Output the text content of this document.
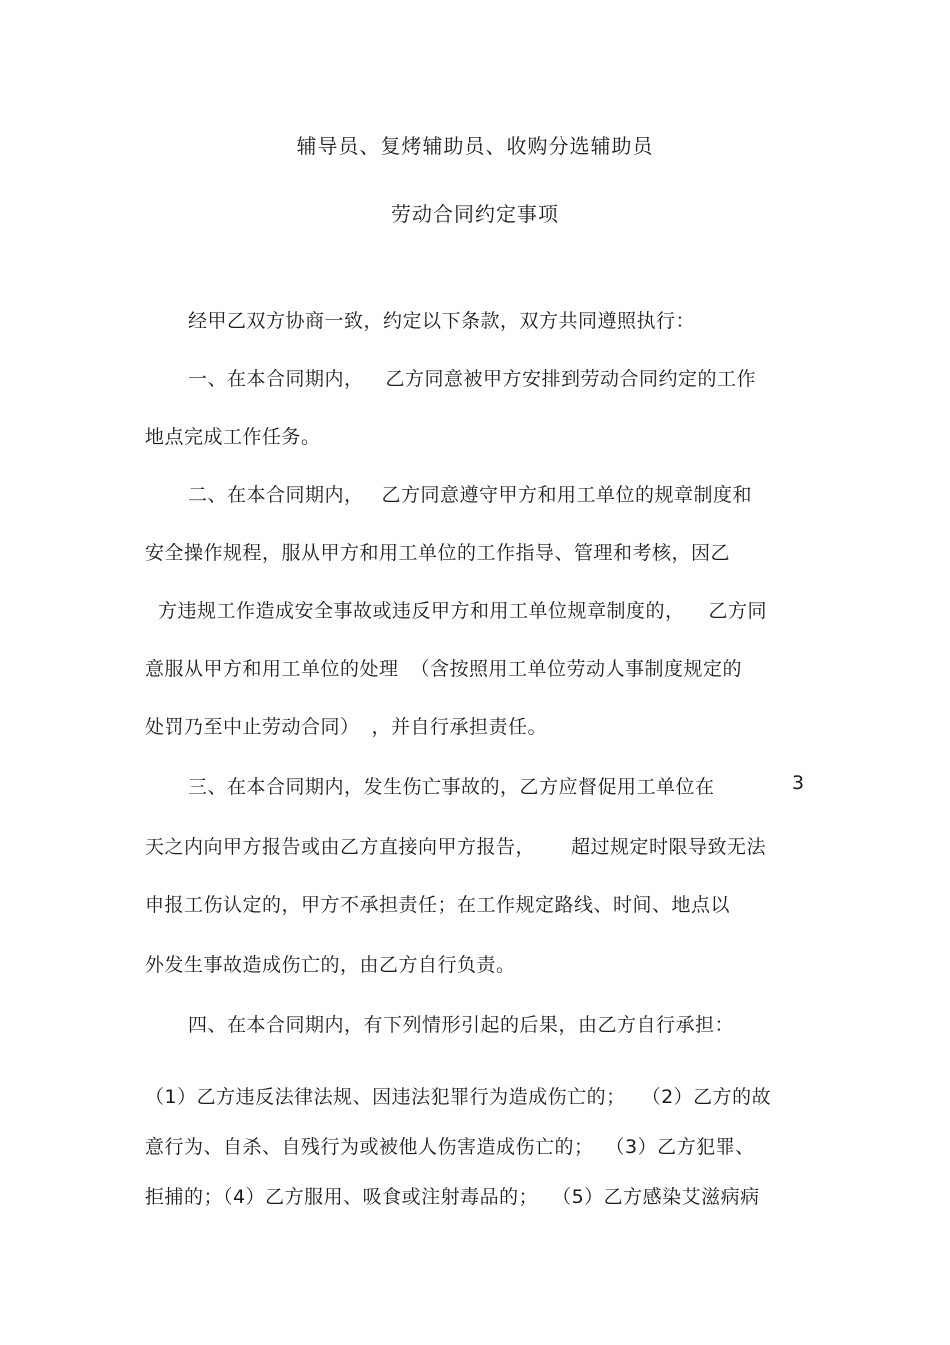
辅导员、复烤辅助员、收购分选辅助员
劳动合同约定事项
经甲乙双方协商一致，约定以下条款，双方共同遵照执行：
一、在本合同期内， 乙方同意被甲方安排到劳动合同约定的工作
地点完成工作任务。
二、在本合同期内， 乙方同意遵守甲方和用工单位的规章制度和
安全操作规程，服从甲方和用工单位的工作指导、管理和考核，因乙
方违规工作造成安全事故或违反甲方和用工单位规章制度的， 乙方同
意服从甲方和用工单位的处理 （含按照用工单位劳动人事制度规定的
处罚乃至中止劳动合同） ，并自行承担责任。
三、在本合同期内，发生伤亡事故的，乙方应督促用工单位在	3
天之内向甲方报告或由乙方直接向甲方报告， 超过规定时限导致无法
申报工伤认定的，甲方不承担责任；在工作规定路线、时间、地点以
外发生事故造成伤亡的，由乙方自行负责。
四、在本合同期内，有下列情形引起的后果，由乙方自行承担：
（1）乙方违反法律法规、因违法犯罪行为造成伤亡的； （2）乙方的故
意行为、自杀、自残行为或被他人伤害造成伤亡的； （3）乙方犯罪、
拒捕的；（4）乙方服用、吸食或注射毒品的； （5）乙方感染艾滋病病
